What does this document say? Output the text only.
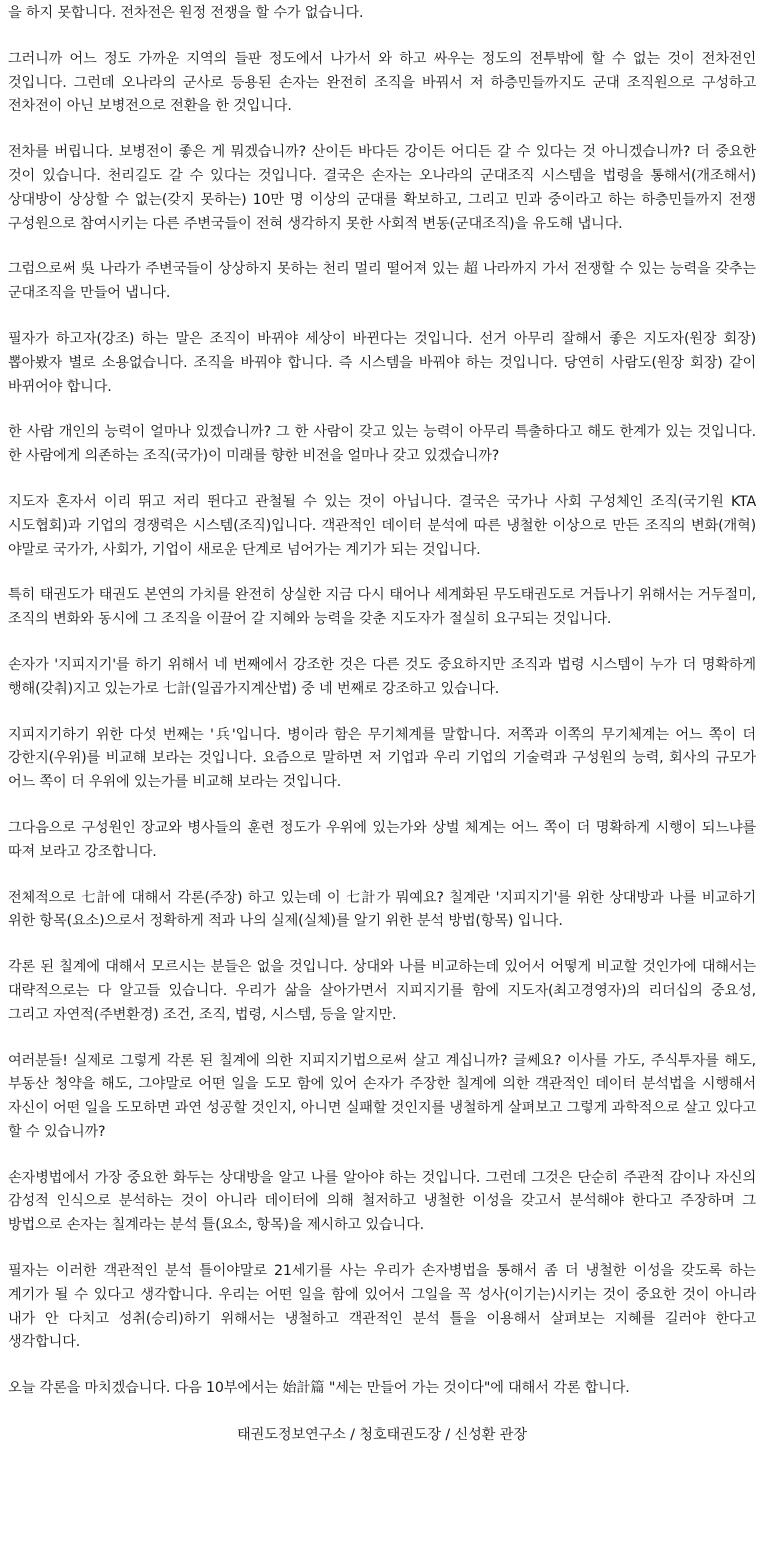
을 하지 못합니다. 전차전은 원정 전쟁을 할 수가 없습니다.

그러니까 어느 정도 가까운 지역의 들판 정도에서 나가서 와 하고 싸우는 정도의 전투밖에 할 수 없는 것이 전차전인 것입니다. 그런데 오나라의 군사로 등용된 손자는 완전히 조직을 바꿔서 저 하층민들까지도 군대 조직원으로 구성하고 전차전이 아닌 보병전으로 전환을 한 것입니다.

전차를 버립니다. 보병전이 좋은 게 뭐겠습니까? 산이든 바다든 강이든 어디든 갈 수 있다는 것 아니겠습니까? 더 중요한 것이 있습니다. 천리길도 갈 수 있다는 것입니다. 결국은 손자는 오나라의 군대조직 시스템을 법령을 통해서(개조해서) 상대방이 상상할 수 없는(갖지 못하는) 10만 명 이상의 군대를 확보하고, 그리고 민과 중이라고 하는 하층민들까지 전쟁 구성원으로 참여시키는 다른 주변국들이 전혀 생각하지 못한 사회적 변동(군대조직)을 유도해 냅니다.

그럼으로써 吳 나라가 주변국들이 상상하지 못하는 천리 멀리 떨어져 있는 超 나라까지 가서 전쟁할 수 있는 능력을 갖추는 군대조직을 만들어 냅니다.

필자가 하고자(강조) 하는 말은 조직이 바뀌야 세상이 바뀐다는 것입니다. 선거 아무리 잘해서 좋은 지도자(원장 회장) 뽑아봤자 별로 소용없습니다. 조직을 바꿔야 합니다. 즉 시스템을 바꿔야 하는 것입니다. 당연히 사람도(원장 회장) 같이 바뀌어야 합니다.

한 사람 개인의 능력이 얼마나 있겠습니까? 그 한 사람이 갖고 있는 능력이 아무리 특출하다고 해도 한계가 있는 것입니다. 한 사람에게 의존하는 조직(국가)이 미래를 향한 비전을 얼마나 갖고 있겠습니까?

지도자 혼자서 이리 뛰고 저리 뛴다고 관철될 수 있는 것이 아닙니다. 결국은 국가나 사회 구성체인 조직(국기원 KTA 시도협회)과 기업의 경쟁력은 시스템(조직)입니다. 객관적인 데이터 분석에 따른 냉철한 이상으로 만든 조직의 변화(개혁)야말로 국가가, 사회가, 기업이 새로운 단계로 넘어가는 계기가 되는 것입니다.

특히 태권도가 태권도 본연의 가치를 완전히 상실한 지금 다시 태어나 세계화된 무도태권도로 거듭나기 위해서는 거두절미, 조직의 변화와 동시에 그 조직을 이끌어 갈 지혜와 능력을 갖춘 지도자가 절실히 요구되는 것입니다.

손자가 '지피지기'를 하기 위해서 네 번째에서 강조한 것은 다른 것도 중요하지만 조직과 법령 시스템이 누가 더 명확하게 행해(갖춰)지고 있는가로 七計(일곱가지계산법) 중 네 번째로 강조하고 있습니다.

지피지기하기 위한 다섯 번째는 '兵'입니다. 병이라 함은 무기체계를 말합니다. 저쪽과 이쪽의 무기체계는 어느 쪽이 더 강한지(우위)를 비교해 보라는 것입니다. 요즘으로 말하면 저 기업과 우리 기업의 기술력과 구성원의 능력, 회사의 규모가 어느 쪽이 더 우위에 있는가를 비교해 보라는 것입니다.

그다음으로 구성원인 장교와 병사들의 훈련 정도가 우위에 있는가와 상벌 체계는 어느 쪽이 더 명확하게 시행이 되느냐를 따져 보라고 강조합니다.

전체적으로 七計에 대해서 각론(주장) 하고 있는데 이 七計가 뭐예요? 칠계란 '지피지기'를 위한 상대방과 나를 비교하기 위한 항목(요소)으로서 정확하게 적과 나의 실제(실체)를 알기 위한 분석 방법(항목) 입니다.

각론 된 칠계에 대해서 모르시는 분들은 없을 것입니다. 상대와 나를 비교하는데 있어서 어떻게 비교할 것인가에 대해서는 대략적으로는 다 알고들 있습니다. 우리가 삶을 살아가면서 지피지기를 함에 지도자(최고경영자)의 리더십의 중요성, 그리고 자연적(주변환경) 조건, 조직, 법령, 시스템, 등을 알지만.

여러분들! 실제로 그렇게 각론 된 칠계에 의한 지피지기법으로써 살고 계십니까? 글쎄요? 이사를 가도, 주식투자를 해도, 부동산 청약을 해도, 그야말로 어떤 일을 도모 함에 있어 손자가 주장한 칠계에 의한 객관적인 데이터 분석법을 시행해서 자신이 어떤 일을 도모하면 과연 성공할 것인지, 아니면 실패할 것인지를 냉철하게 살펴보고 그렇게 과학적으로 살고 있다고 할 수 있습니까?

손자병법에서 가장 중요한 화두는 상대방을 알고 나를 알아야 하는 것입니다. 그런데 그것은 단순히 주관적 감이나 자신의 감성적 인식으로 분석하는 것이 아니라 데이터에 의해 철저하고 냉철한 이성을 갖고서 분석해야 한다고 주장하며 그 방법으로 손자는 칠계라는 분석 틀(요소, 항목)을 제시하고 있습니다.

필자는 이러한 객관적인 분석 틀이야말로 21세기를 사는 우리가 손자병법을 통해서 좀 더 냉철한 이성을 갖도록 하는 계기가 될 수 있다고 생각합니다. 우리는 어떤 일을 함에 있어서 그일을 꼭 성사(이기는)시키는 것이 중요한 것이 아니라 내가 안 다치고 성취(승리)하기 위해서는 냉철하고 객관적인 분석 틀을 이용해서 살펴보는 지혜를 길러야 한다고 생각합니다.

오늘 각론을 마치겠습니다. 다음 10부에서는 始計篇 "세는 만들어 가는 것이다"에 대해서 각론 합니다.

태권도정보연구소 / 청호태권도장 / 신성환 관장
